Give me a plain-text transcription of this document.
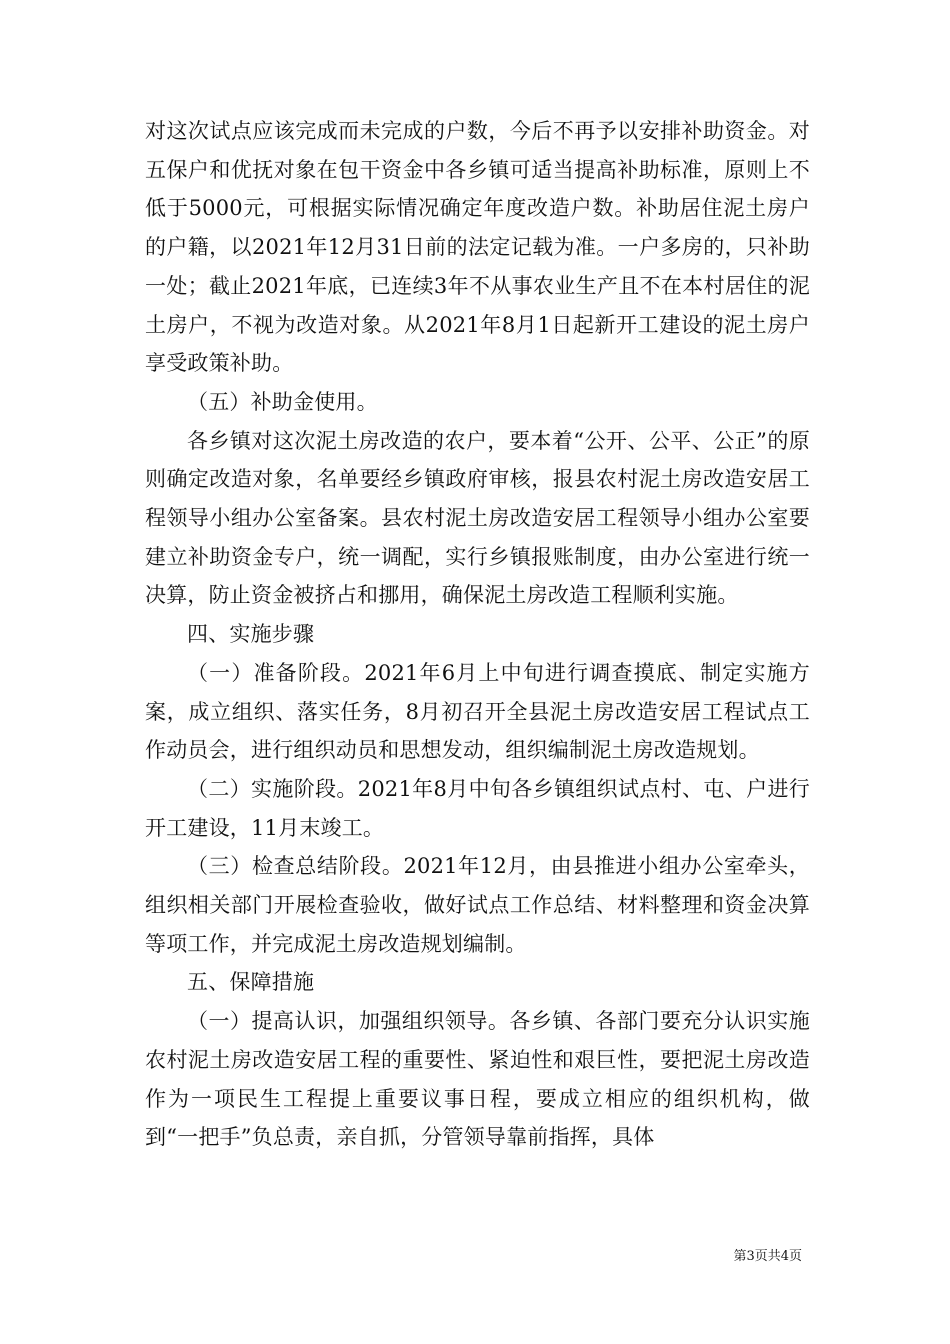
对这次试点应该完成而未完成的户数，今后不再予以安排补助资金。对五保户和优抚对象在包干资金中各乡镇可适当提高补助标准，原则上不低于5000元，可根据实际情况确定年度改造户数。补助居住泥土房户的户籍，以2021年12月31日前的法定记载为准。一户多房的，只补助一处；截止2021年底，已连续3年不从事农业生产且不在本村居住的泥土房户，不视为改造对象。从2021年8月1日起新开工建设的泥土房户享受政策补助。

（五）补助金使用。

各乡镇对这次泥土房改造的农户，要本着“公开、公平、公正”的原则确定改造对象，名单要经乡镇政府审核，报县农村泥土房改造安居工程领导小组办公室备案。县农村泥土房改造安居工程领导小组办公室要建立补助资金专户，统一调配，实行乡镇报账制度，由办公室进行统一决算，防止资金被挤占和挪用，确保泥土房改造工程顺利实施。

四、实施步骤

（一）准备阶段。2021年6月上中旬进行调查摸底、制定实施方案，成立组织、落实任务，8月初召开全县泥土房改造安居工程试点工作动员会，进行组织动员和思想发动，组织编制泥土房改造规划。

（二）实施阶段。2021年8月中旬各乡镇组织试点村、屯、户进行开工建设，11月末竣工。

（三）检查总结阶段。2021年12月，由县推进小组办公室牵头，组织相关部门开展检查验收，做好试点工作总结、材料整理和资金决算等项工作，并完成泥土房改造规划编制。

五、保障措施

（一）提高认识，加强组织领导。各乡镇、各部门要充分认识实施农村泥土房改造安居工程的重要性、紧迫性和艰巨性，要把泥土房改造作为一项民生工程提上重要议事日程，要成立相应的组织机构，做到“一把手”负总责，亲自抓，分管领导靠前指挥，具体

第3页共4页
